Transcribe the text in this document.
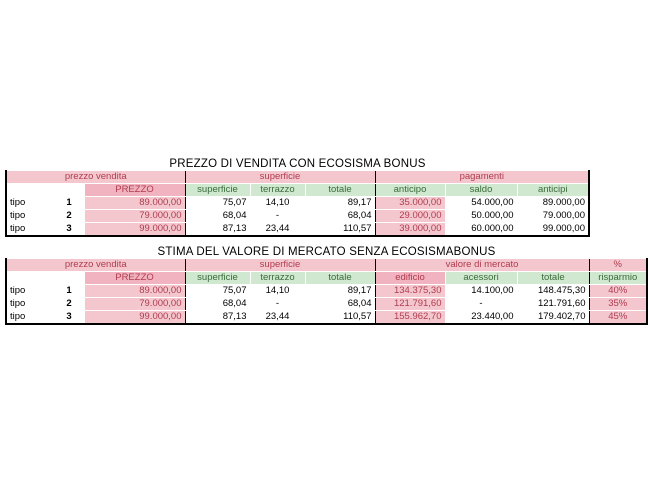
PREZZO DI VENDITA CON ECOSISMA BONUS								
prezzo vendita			superficie			pagamenti		
		PREZZO	superficie	terrazzo	totale	anticipo	saldo	anticipi
tipo	1	89.000,00	75,07	14,10	89,17	35.000,00	54.000,00	89.000,00
tipo	2	79.000,00	68,04	-	68,04	29.000,00	50.000,00	79.000,00
tipo	3	99.000,00	87,13	23,44	110,57	39.000,00	60.000,00	99.000,00
STIMA DEL VALORE DI MERCATO SENZA ECOSISMABONUS									
prezzo vendita			superficie			valore di mercato			%
		PREZZO	superficie	terrazzo	totale	edificio	acessori	totale	risparmio
tipo	1	89.000,00	75,07	14,10	89,17	134.375,30	14.100,00	148.475,30	40%
tipo	2	79.000,00	68,04	-	68,04	121.791,60	-	121.791,60	35%
tipo	3	99.000,00	87,13	23,44	110,57	155.962,70	23.440,00	179.402,70	45%
